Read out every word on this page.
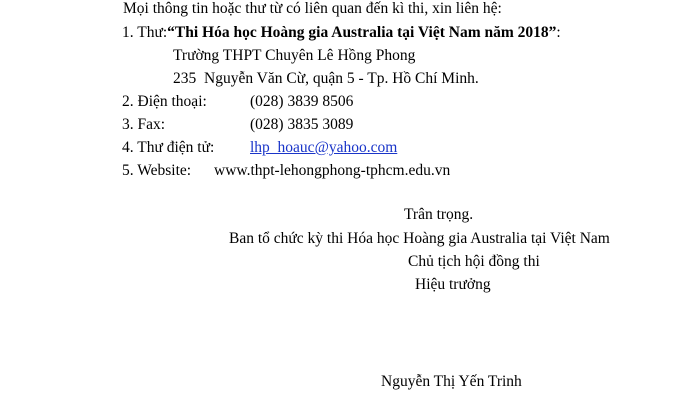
Mọi thông tin hoặc thư từ có liên quan đến kì thi, xin liên hệ:
1. Thư:“Thi Hóa học Hoàng gia Australia tại Việt Nam năm 2018”:
Trường THPT Chuyên Lê Hồng Phong
235 Nguyễn Văn Cừ, quận 5 - Tp. Hồ Chí Minh.
2. Điện thoại:	(028) 3839 8506
3. Fax:	(028) 3835 3089
4. Thư điện tử: lhp_hoauc@yahoo.com
5. Website: www.thpt-lehongphong-tphcm.edu.vn
Trân trọng.
Ban tổ chức kỳ thi Hóa học Hoàng gia Australia tại Việt Nam
Chủ tịch hội đồng thi
Hiệu trưởng
Nguyễn Thị Yến Trinh
